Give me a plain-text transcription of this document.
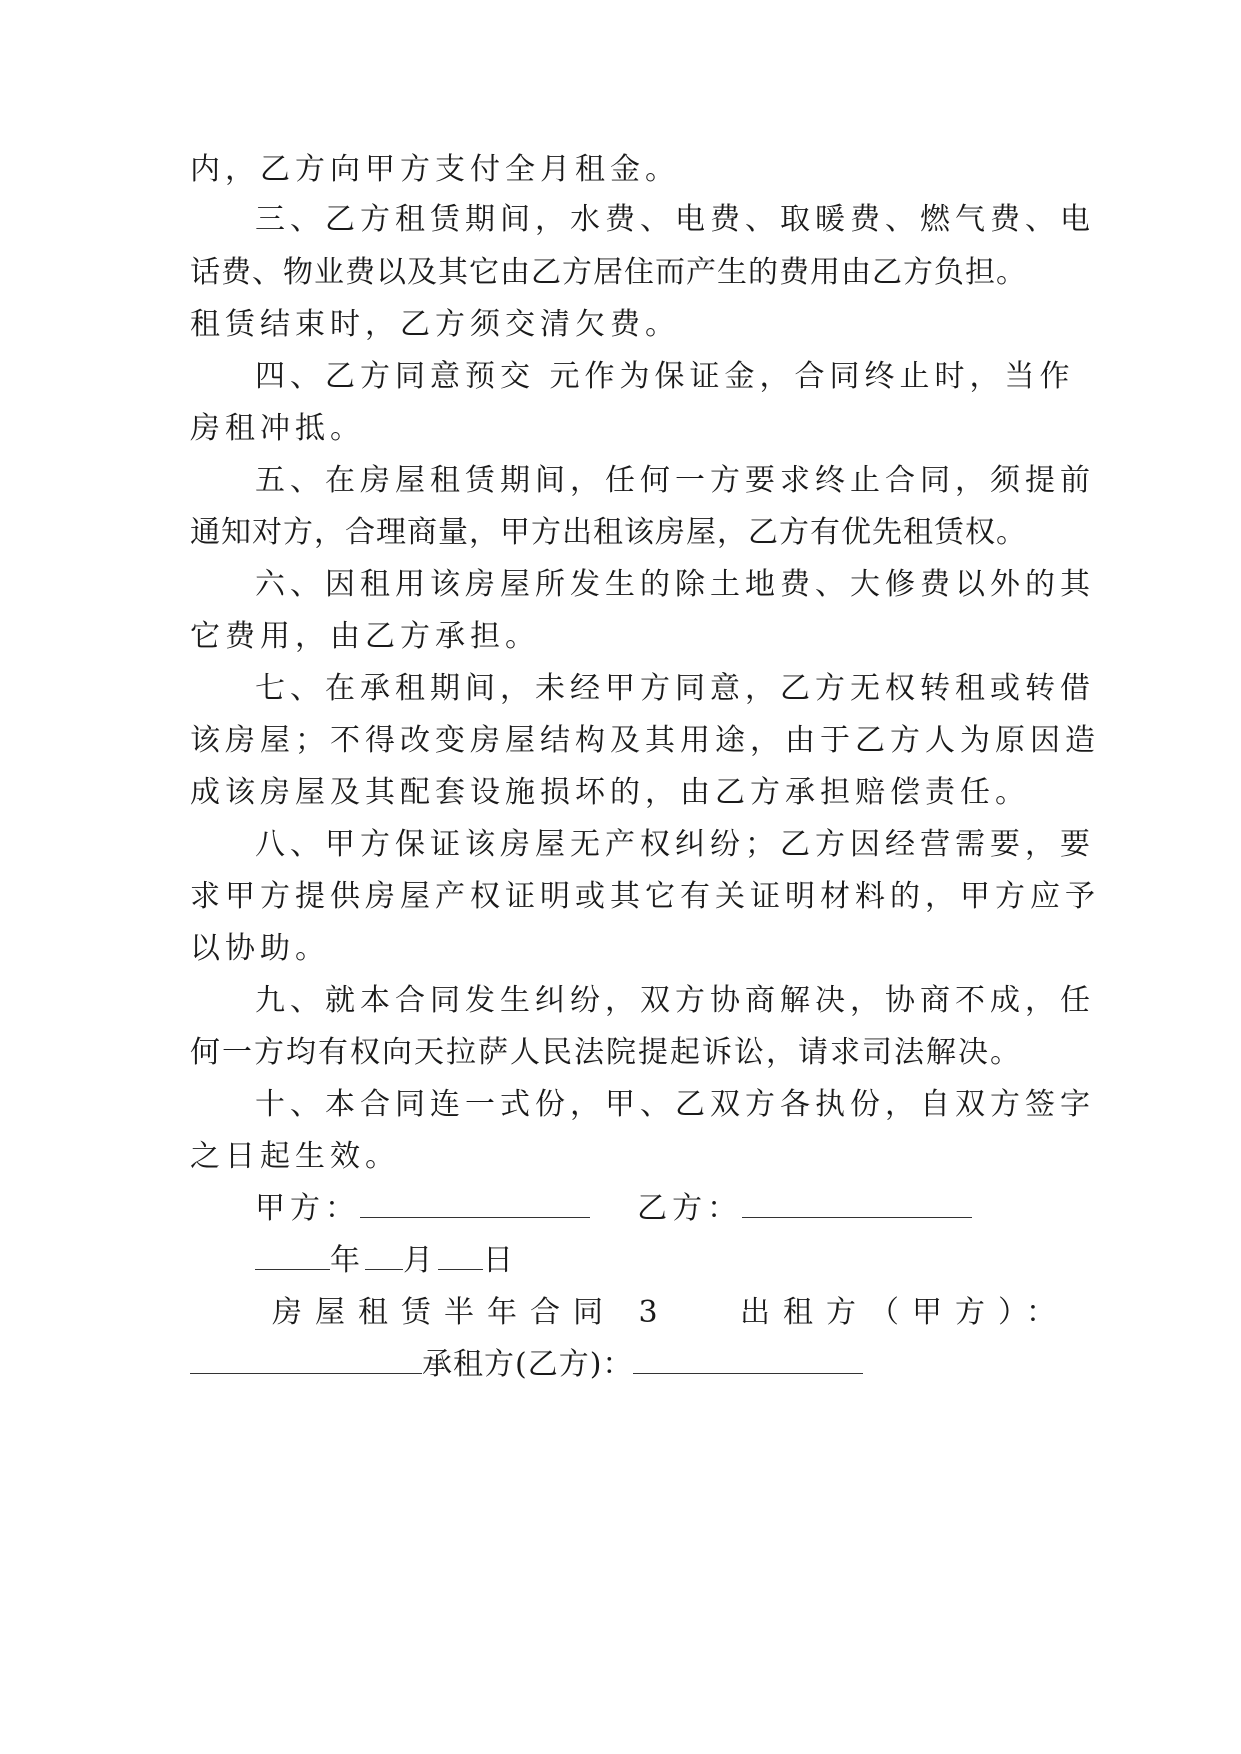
内，乙方向甲方支付全月租金。
三、乙方租赁期间，水费、电费、取暖费、燃气费、电
话费、物业费以及其它由乙方居住而产生的费用由乙方负担。
租赁结束时，乙方须交清欠费。
四、乙方同意预交 元作为保证金，合同终止时，当作
房租冲抵。
五、在房屋租赁期间，任何一方要求终止合同，须提前
通知对方，合理商量，甲方出租该房屋，乙方有优先租赁权。
六、因租用该房屋所发生的除土地费、大修费以外的其
它费用，由乙方承担。
七、在承租期间，未经甲方同意，乙方无权转租或转借
该房屋；不得改变房屋结构及其用途，由于乙方人为原因造
成该房屋及其配套设施损坏的，由乙方承担赔偿责任。
八、甲方保证该房屋无产权纠纷；乙方因经营需要，要
求甲方提供房屋产权证明或其它有关证明材料的，甲方应予
以协助。
九、就本合同发生纠纷，双方协商解决，协商不成，任
何一方均有权向天拉萨人民法院提起诉讼，请求司法解决。
十、本合同连一式份，甲、乙双方各执份，自双方签字
之日起生效。
甲方：	乙方：
年 月 日
房屋租赁半年合同 3 出租方（甲方）：
承租方(乙方)：
